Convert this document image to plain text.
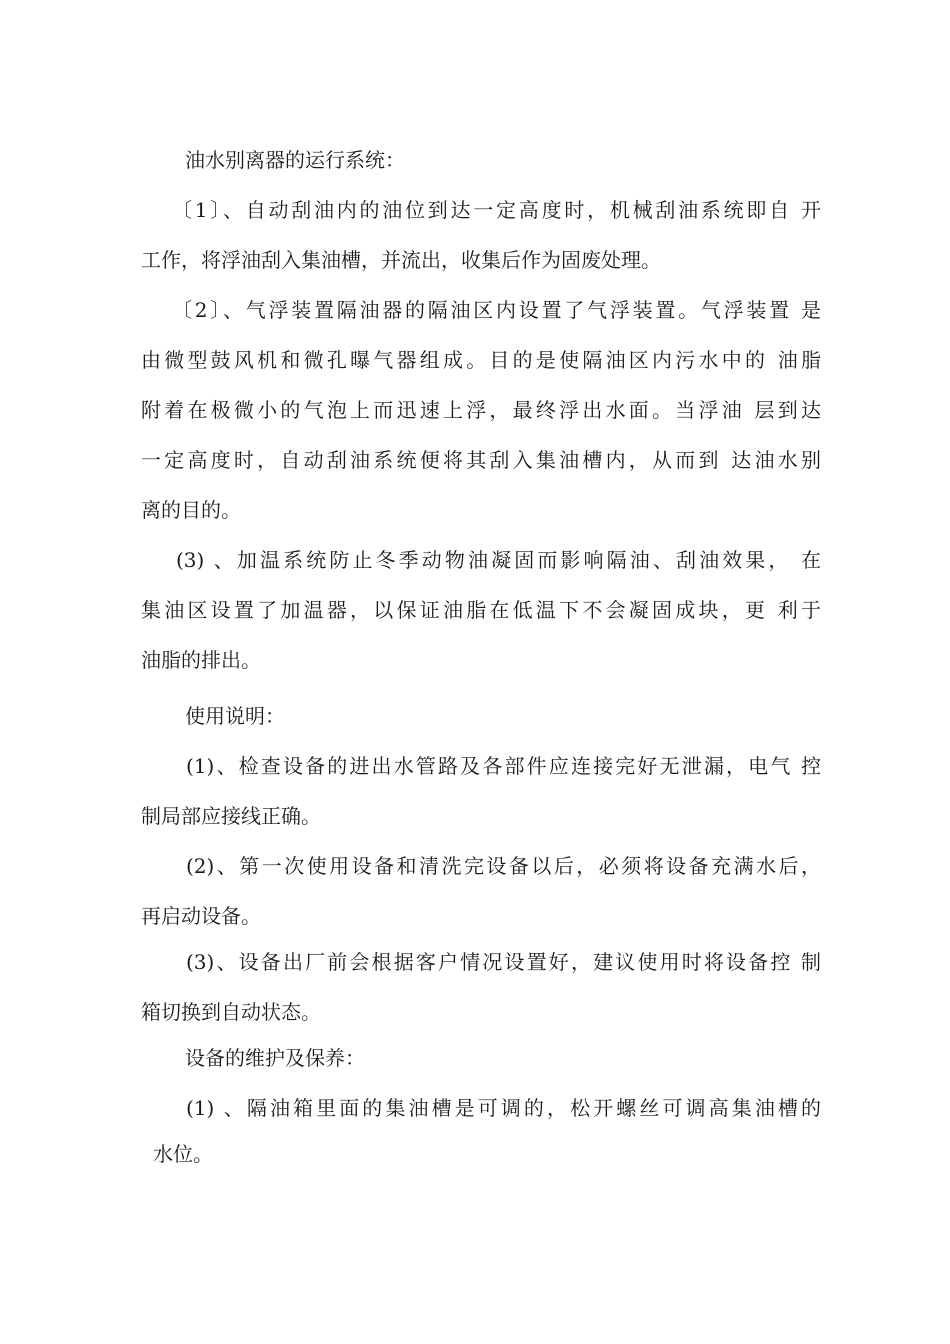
油水别离器的运行系统：
〔1〕、自动刮油内的油位到达一定高度时，机械刮油系统即自 开
工作，将浮油刮入集油槽，并流出，收集后作为固废处理。
〔2〕、气浮装置隔油器的隔油区内设置了气浮装置。气浮装置 是
由微型鼓风机和微孔曝气器组成。目的是使隔油区内污水中的 油脂
附着在极微小的气泡上而迅速上浮，最终浮出水面。当浮油 层到达
一定高度时，自动刮油系统便将其刮入集油槽内，从而到 达油水别
离的目的。
(3) 、加温系统防止冬季动物油凝固而影响隔油、刮油效果， 在
集油区设置了加温器，以保证油脂在低温下不会凝固成块，更 利于
油脂的排出。
使用说明：
(1)、检查设备的进出水管路及各部件应连接完好无泄漏，电气 控
制局部应接线正确。
(2)、第一次使用设备和清洗完设备以后，必须将设备充满水后，
再启动设备。
(3)、设备出厂前会根据客户情况设置好，建议使用时将设备控 制
箱切换到自动状态。
设备的维护及保养：
(1) 、隔油箱里面的集油槽是可调的，松开螺丝可调高集油槽的
水位。
